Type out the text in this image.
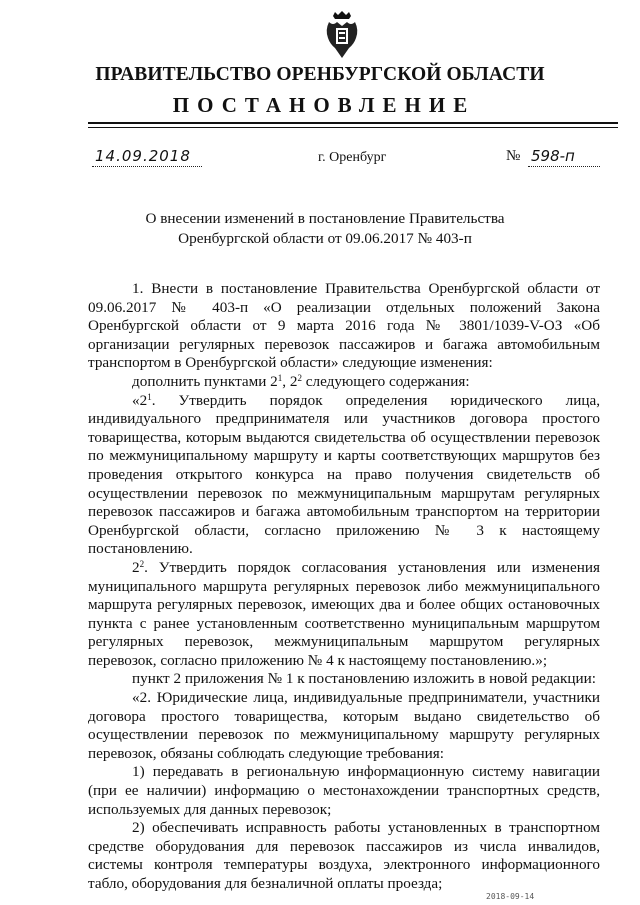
ПРАВИТЕЛЬСТВО ОРЕНБУРГСКОЙ ОБЛАСТИ
ПОСТАНОВЛЕНИЕ
14.09.2018	г. Оренбург	№ 598-п
О внесении изменений в постановление Правительства
Оренбургской области от 09.06.2017 № 403-п

1. Внести в постановление Правительства Оренбургской области от 09.06.2017 № 403-п «О реализации отдельных положений Закона Оренбургской области от 9 марта 2016 года № 3801/1039-V-ОЗ «Об организации регулярных перевозок пассажиров и багажа автомобильным транспортом в Оренбургской области» следующие изменения:

дополнить пунктами $2^1$, $2^2$ следующего содержания:

«$2^1$. Утвердить порядок определения юридического лица, индивидуального предпринимателя или участников договора простого товарищества, которым выдаются свидетельства об осуществлении перевозок по межмуниципальному маршруту и карты соответствующих маршрутов без проведения открытого конкурса на право получения свидетельств об осуществлении перевозок по межмуниципальным маршрутам регулярных перевозок пассажиров и багажа автомобильным транспортом на территории Оренбургской области, согласно приложению № 3 к настоящему постановлению.

$2^2$. Утвердить порядок согласования установления или изменения муниципального маршрута регулярных перевозок либо межмуниципального маршрута регулярных перевозок, имеющих два и более общих остановочных пункта с ранее установленным соответственно муниципальным маршрутом регулярных перевозок, межмуниципальным маршрутом регулярных перевозок, согласно приложению № 4 к настоящему постановлению.»;

пункт 2 приложения № 1 к постановлению изложить в новой редакции:

«2. Юридические лица, индивидуальные предприниматели, участники договора простого товарищества, которым выдано свидетельство об осуществлении перевозок по межмуниципальному маршруту регулярных перевозок, обязаны соблюдать следующие требования:

1) передавать в региональную информационную систему навигации (при ее наличии) информацию о местонахождении транспортных средств, используемых для данных перевозок;

2) обеспечивать исправность работы установленных в транспортном средстве оборудования для перевозок пассажиров из числа инвалидов, системы контроля температуры воздуха, электронного информационного табло, оборудования для безналичной оплаты проезда;

2018-09-14
